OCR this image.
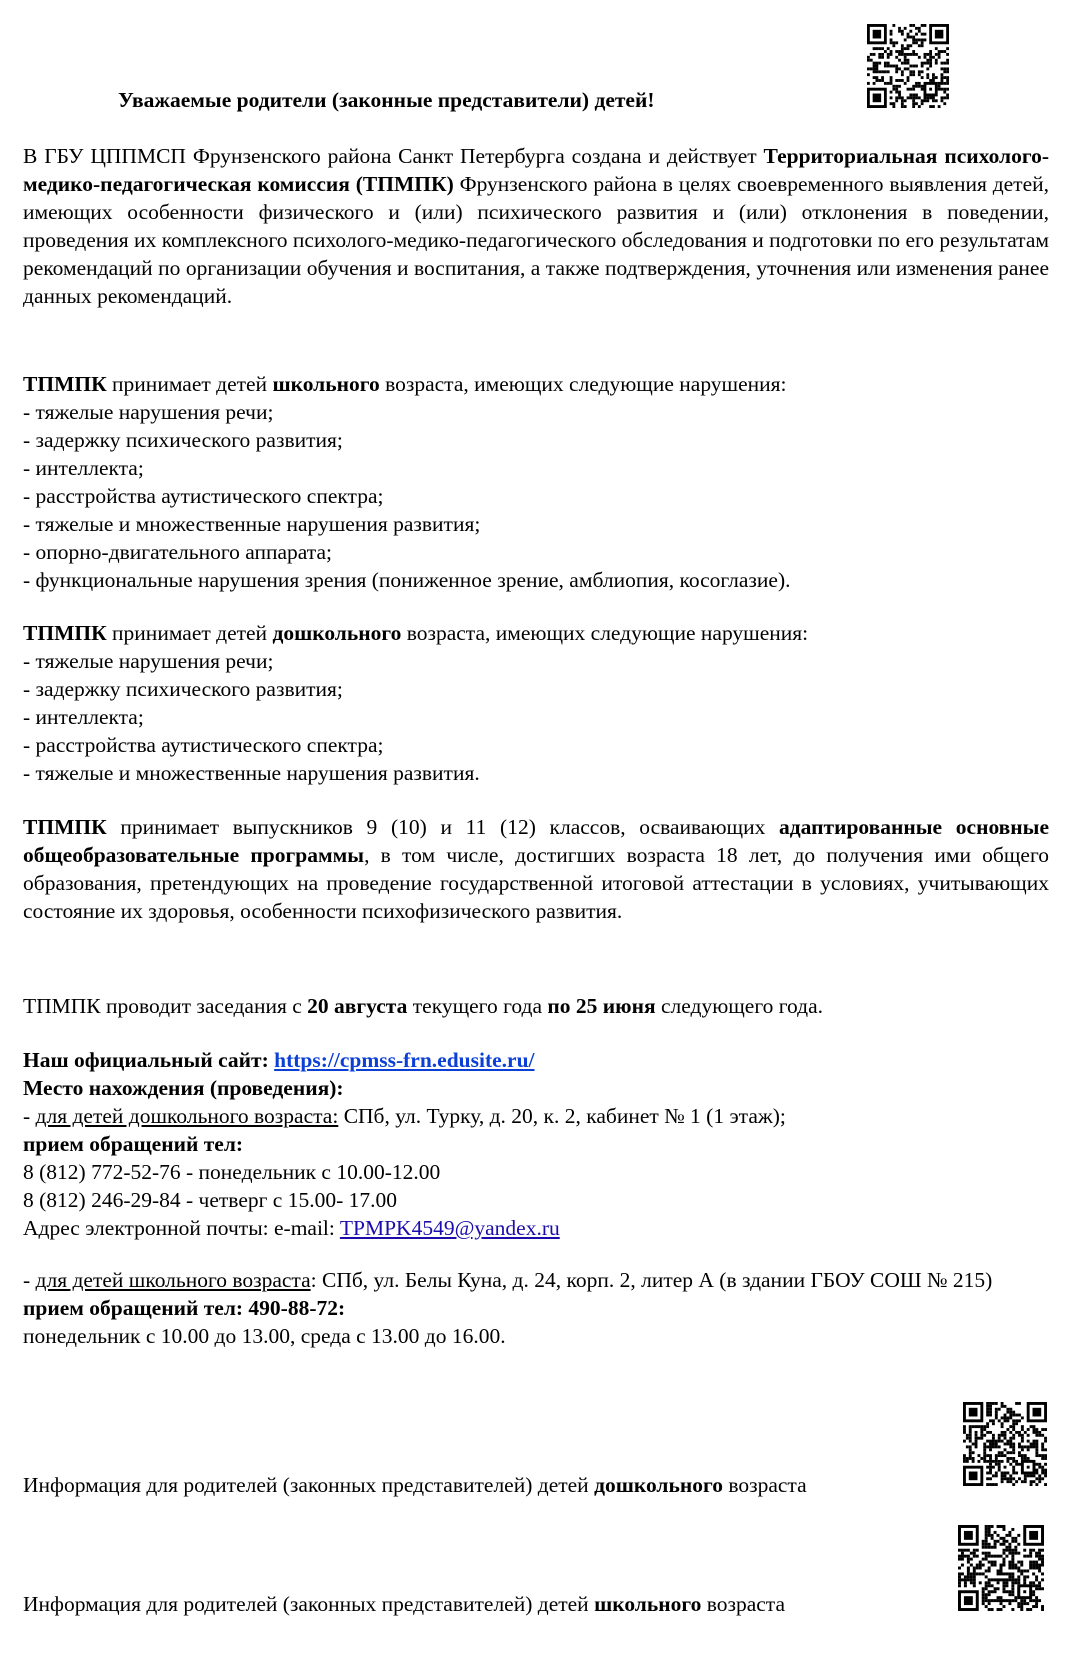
Уважаемые родители (законные представители) детей!
В ГБУ ЦППМСП Фрунзенского района Санкт Петербурга создана и действует Территориальная психолого-медико-педагогическая комиссия (ТПМПК) Фрунзенского района в целях своевременного выявления детей, имеющих особенности физического и (или) психического развития и (или) отклонения в поведении, проведения их комплексного психолого-медико-педагогического обследования и подготовки по его результатам рекомендаций по организации обучения и воспитания, а также подтверждения, уточнения или изменения ранее данных рекомендаций.

ТПМПК принимает детей школьного возраста, имеющих следующие нарушения:

- тяжелые нарушения речи;
- задержку психического развития;
- интеллекта;
- расстройства аутистического спектра;
- тяжелые и множественные нарушения развития;
- опорно-двигательного аппарата;
- функциональные нарушения зрения (пониженное зрение, амблиопия, косоглазие).

ТПМПК принимает детей дошкольного возраста, имеющих следующие нарушения:

- тяжелые нарушения речи;
- задержку психического развития;
- интеллекта;
- расстройства аутистического спектра;
- тяжелые и множественные нарушения развития.
ТПМПК принимает выпускников 9 (10) и 11 (12) классов, осваивающих адаптированные основные общеобразовательные программы, в том числе, достигших возраста 18 лет, до получения ими общего образования, претендующих на проведение государственной итоговой аттестации в условиях, учитывающих состояние их здоровья, особенности психофизического развития.
ТПМПК проводит заседания с 20 августа текущего года по 25 июня следующего года.
Наш официальный сайт: https://cpmss-frn.edusite.ru/
Место нахождения (проведения):
- для детей дошкольного возраста: СПб, ул. Турку, д. 20, к. 2, кабинет № 1 (1 этаж);
прием обращений тел:
8 (812) 772-52-76 - понедельник с 10.00-12.00
8 (812) 246-29-84 - четверг с 15.00- 17.00
Адрес электронной почты: e-mail: TPMPK4549@yandex.ru

- для детей школьного возраста: СПб, ул. Белы Куна, д. 24, корп. 2, литер А (в здании ГБОУ СОШ № 215)

прием обращений тел: 490-88-72:
понедельник с 10.00 до 13.00, среда с 13.00 до 16.00.
Информация для родителей (законных представителей) детей дошкольного возраста
Информация для родителей (законных представителей) детей школьного возраста
